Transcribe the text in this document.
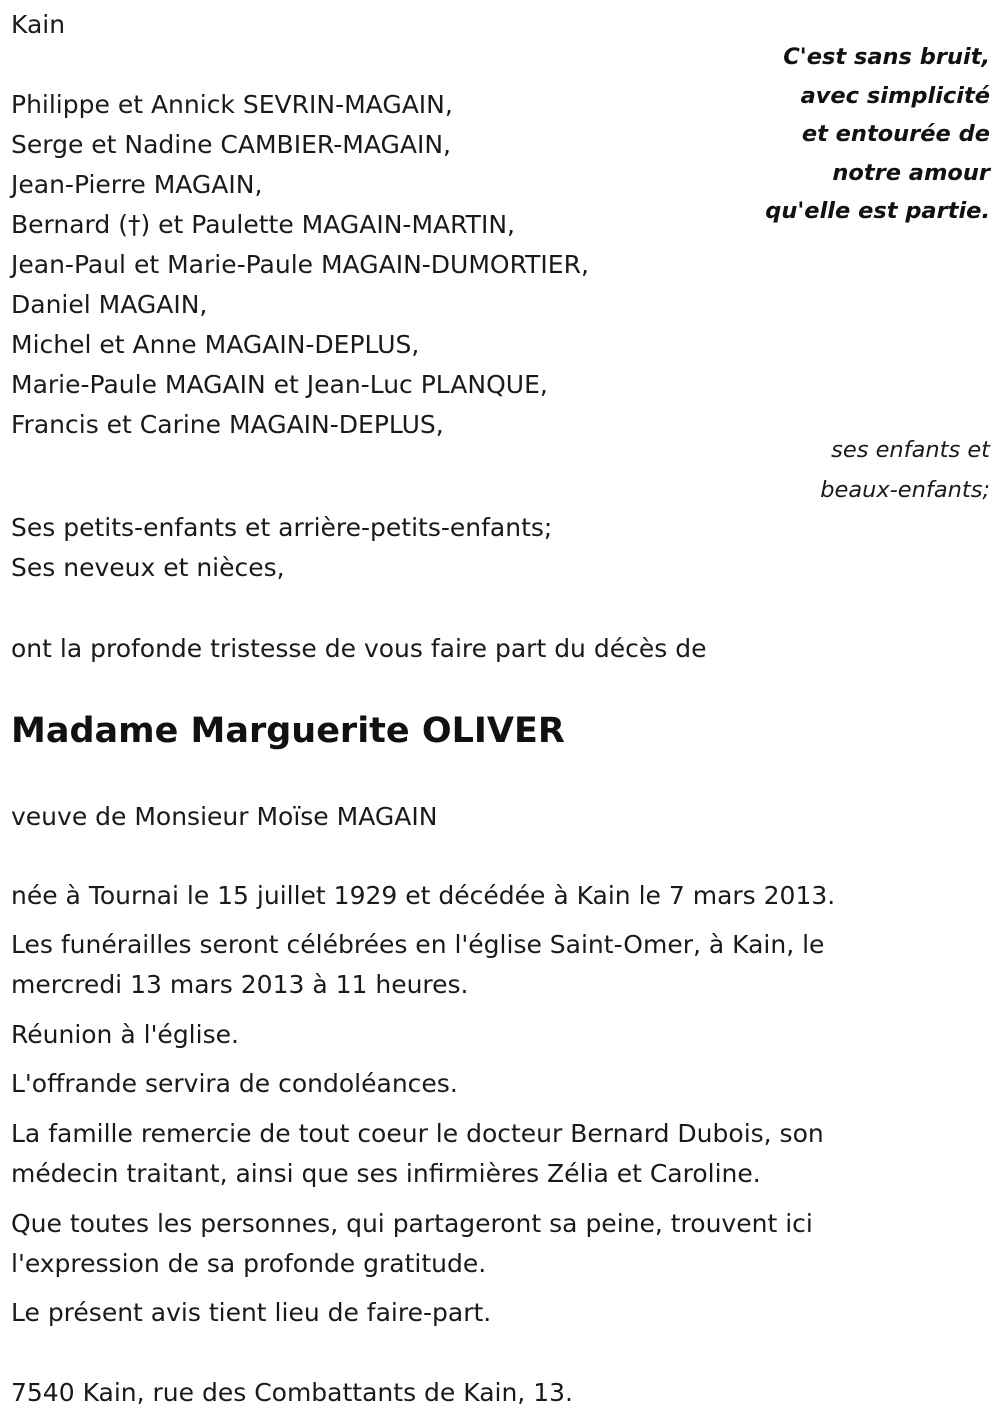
Kain
C'est sans bruit,
avec simplicité
et entourée de
notre amour
qu'elle est partie.
Philippe et Annick SEVRIN-MAGAIN,
Serge et Nadine CAMBIER-MAGAIN,
Jean-Pierre MAGAIN,
Bernard (†) et Paulette MAGAIN-MARTIN,
Jean-Paul et Marie-Paule MAGAIN-DUMORTIER,
Daniel MAGAIN,
Michel et Anne MAGAIN-DEPLUS,
Marie-Paule MAGAIN et Jean-Luc PLANQUE,
Francis et Carine MAGAIN-DEPLUS,
ses enfants et
beaux-enfants;
Ses petits-enfants et arrière-petits-enfants;
Ses neveux et nièces,
ont la profonde tristesse de vous faire part du décès de
Madame Marguerite OLIVER
veuve de Monsieur Moïse MAGAIN
née à Tournai le 15 juillet 1929 et décédée à Kain le 7 mars 2013.
Les funérailles seront célébrées en l'église Saint-Omer, à Kain, le
mercredi 13 mars 2013 à 11 heures.
Réunion à l'église.
L'offrande servira de condoléances.
La famille remercie de tout coeur le docteur Bernard Dubois, son
médecin traitant, ainsi que ses infirmières Zélia et Caroline.
Que toutes les personnes, qui partageront sa peine, trouvent ici
l'expression de sa profonde gratitude.
Le présent avis tient lieu de faire-part.
7540 Kain, rue des Combattants de Kain, 13.
